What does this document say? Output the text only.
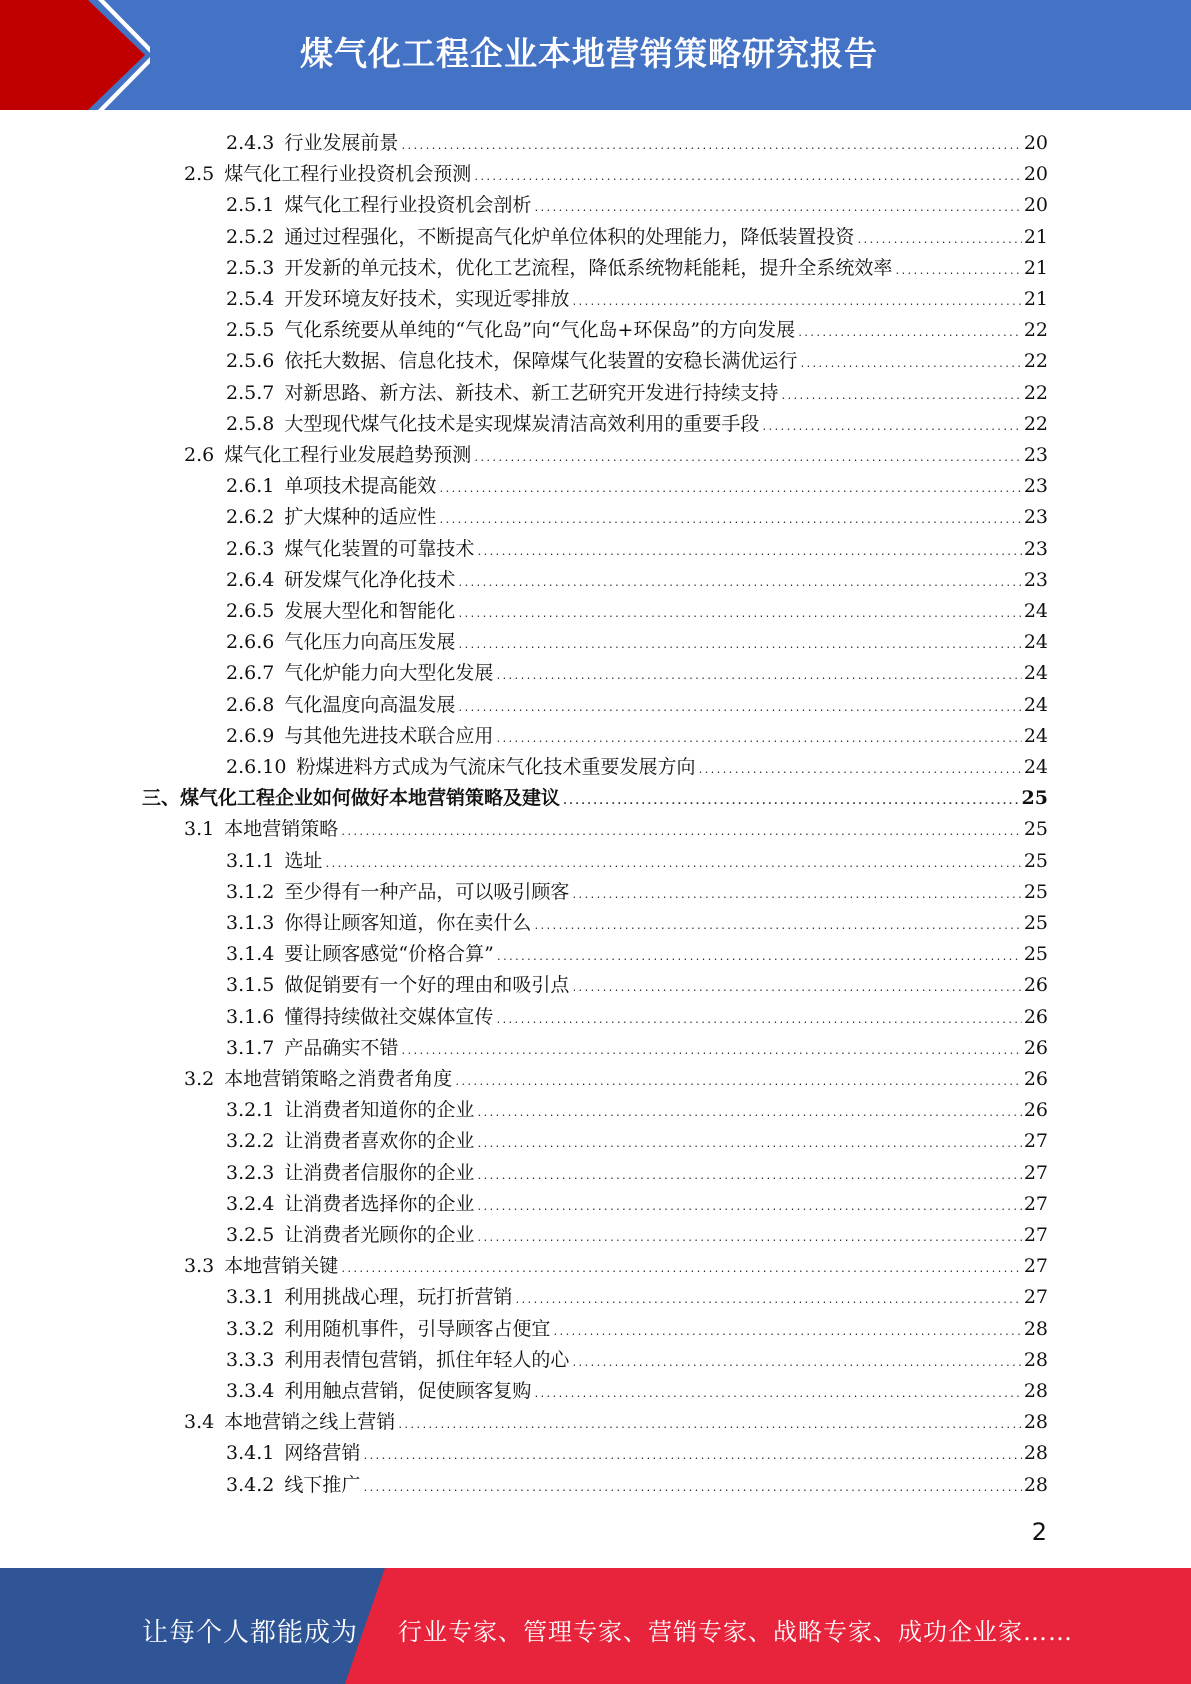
煤气化工程企业本地营销策略研究报告
2.4.3 行业发展前景 .....	20
2.5 煤气化工程行业投资机会预测 .....	20
2.5.1 煤气化工程行业投资机会剖析 .....	20
2.5.2 通过过程强化，不断提高气化炉单位体积的处理能力，降低装置投资 .....	21
2.5.3 开发新的单元技术，优化工艺流程，降低系统物耗能耗，提升全系统效率 .....	21
2.5.4 开发环境友好技术，实现近零排放 .....	21
2.5.5 气化系统要从单纯的“气化岛”向“气化岛+环保岛”的方向发展 .....	22
2.5.6 依托大数据、信息化技术，保障煤气化装置的安稳长满优运行 .....	22
2.5.7 对新思路、新方法、新技术、新工艺研究开发进行持续支持 .....	22
2.5.8 大型现代煤气化技术是实现煤炭清洁高效利用的重要手段 .....	22
2.6 煤气化工程行业发展趋势预测 .....	23
2.6.1 单项技术提高能效 .....	23
2.6.2 扩大煤种的适应性 .....	23
2.6.3 煤气化装置的可靠技术 .....	23
2.6.4 研发煤气化净化技术 .....	23
2.6.5 发展大型化和智能化 .....	24
2.6.6 气化压力向高压发展 .....	24
2.6.7 气化炉能力向大型化发展 .....	24
2.6.8 气化温度向高温发展 .....	24
2.6.9 与其他先进技术联合应用 .....	24
2.6.10 粉煤进料方式成为气流床气化技术重要发展方向 .....	24
三、 煤气化工程企业如何做好本地营销策略及建议 .....	25
3.1 本地营销策略 .....	25
3.1.1 选址 .....	25
3.1.2 至少得有一种产品，可以吸引顾客 .....	25
3.1.3 你得让顾客知道，你在卖什么 .....	25
3.1.4 要让顾客感觉“价格合算” .....	25
3.1.5 做促销要有一个好的理由和吸引点 .....	26
3.1.6 懂得持续做社交媒体宣传 .....	26
3.1.7 产品确实不错 .....	26
3.2 本地营销策略之消费者角度 .....	26
3.2.1 让消费者知道你的企业 .....	26
3.2.2 让消费者喜欢你的企业 .....	27
3.2.3 让消费者信服你的企业 .....	27
3.2.4 让消费者选择你的企业 .....	27
3.2.5 让消费者光顾你的企业 .....	27
3.3 本地营销关键 .....	27
3.3.1 利用挑战心理，玩打折营销 .....	27
3.3.2 利用随机事件，引导顾客占便宜 .....	28
3.3.3 利用表情包营销，抓住年轻人的心 .....	28
3.3.4 利用触点营销，促使顾客复购 .....	28
3.4 本地营销之线上营销 .....	28
3.4.1 网络营销 .....	28
3.4.2 线下推广 .....	28
2
让每个人都能成为 行业专家、管理专家、营销专家、战略专家、成功企业家……
